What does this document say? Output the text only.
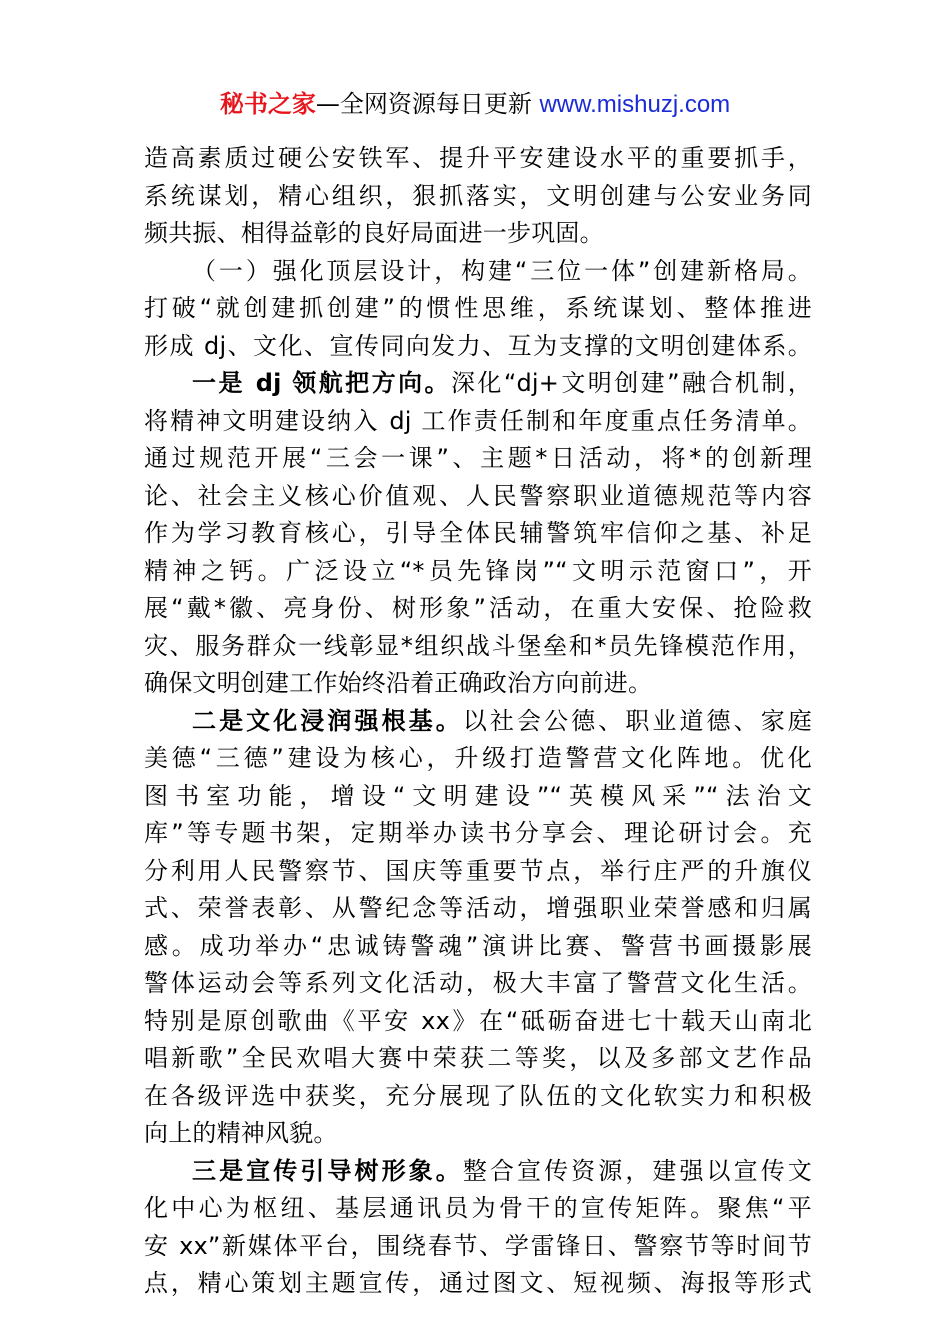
秘书之家—全网资源每日更新 www.mishuzj.com
造高素质过硬公安铁军、提升平安建设水平的重要抓手，
系统谋划，精心组织，狠抓落实，文明创建与公安业务同
频共振、相得益彰的良好局面进一步巩固。
（一）强化顶层设计，构建“三位一体”创建新格局。
打破“就创建抓创建”的惯性思维，系统谋划、整体推进
形成 dj、文化、宣传同向发力、互为支撑的文明创建体系。
一是 dj 领航把方向。深化“dj+文明创建”融合机制，
将精神文明建设纳入 dj 工作责任制和年度重点任务清单。
通过规范开展“三会一课”、主题*日活动，将*的创新理
论、社会主义核心价值观、人民警察职业道德规范等内容
作为学习教育核心，引导全体民辅警筑牢信仰之基、补足
精神之钙。广泛设立“*员先锋岗”“文明示范窗口”，开
展“戴*徽、亮身份、树形象”活动，在重大安保、抢险救
灾、服务群众一线彰显*组织战斗堡垒和*员先锋模范作用，
确保文明创建工作始终沿着正确政治方向前进。
二是文化浸润强根基。以社会公德、职业道德、家庭
美德“三德”建设为核心，升级打造警营文化阵地。优化
图书室功能，增设“文明建设”“英模风采”“法治文
库”等专题书架，定期举办读书分享会、理论研讨会。充
分利用人民警察节、国庆等重要节点，举行庄严的升旗仪
式、荣誉表彰、从警纪念等活动，增强职业荣誉感和归属
感。成功举办“忠诚铸警魂”演讲比赛、警营书画摄影展
警体运动会等系列文化活动，极大丰富了警营文化生活。
特别是原创歌曲《平安 xx》在“砥砺奋进七十载天山南北
唱新歌”全民欢唱大赛中荣获二等奖，以及多部文艺作品
在各级评选中获奖，充分展现了队伍的文化软实力和积极
向上的精神风貌。
三是宣传引导树形象。整合宣传资源，建强以宣传文
化中心为枢纽、基层通讯员为骨干的宣传矩阵。聚焦“平
安 xx”新媒体平台，围绕春节、学雷锋日、警察节等时间节
点，精心策划主题宣传，通过图文、短视频、海报等形式
